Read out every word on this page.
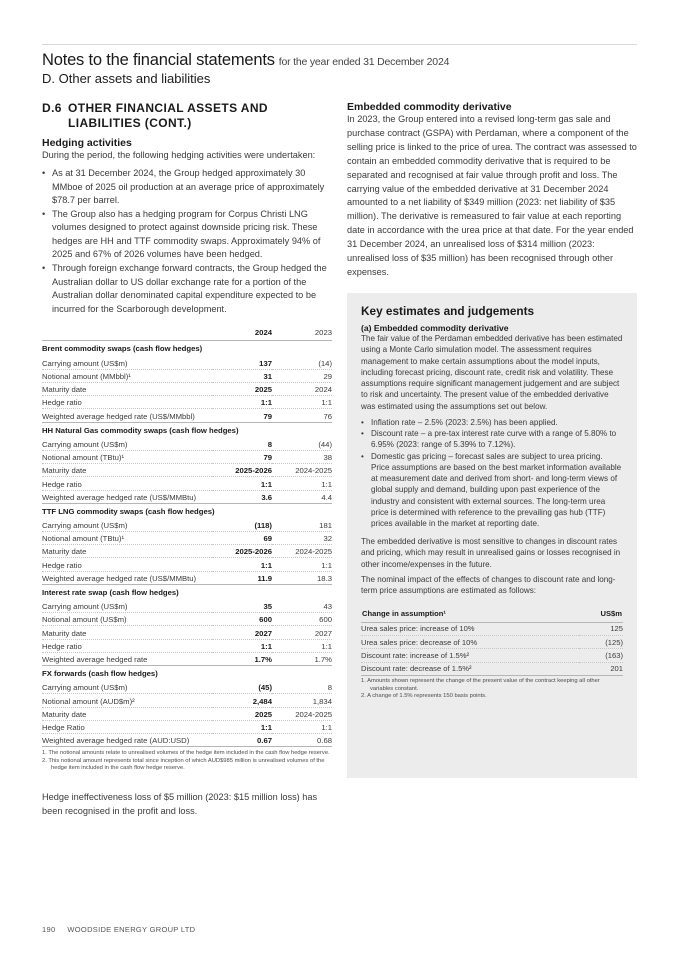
Notes to the financial statements for the year ended 31 December 2024
D. Other assets and liabilities
D.6 OTHER FINANCIAL ASSETS AND
LIABILITIES (CONT.)
Hedging activities

During the period, the following hedging activities were undertaken:

• As at 31 December 2024, the Group hedged approximately 30 MMboe of 2025 oil production at an average price of approximately $78.7 per barrel.
• The Group also has a hedging program for Corpus Christi LNG volumes designed to protect against downside pricing risk. These hedges are HH and TTF commodity swaps. Approximately 94% of 2025 and 67% of 2026 volumes have been hedged.
• Through foreign exchange forward contracts, the Group hedged the Australian dollar to US dollar exchange rate for a portion of the Australian dollar denominated capital expenditure expected to be incurred for the Scarborough development.
	2024	2023
Brent commodity swaps (cash flow hedges)		
Carrying amount (US$m)	137	(14)
Notional amount (MMbbl)¹	31	29
Maturity date	2025	2024
Hedge ratio	1:1	1:1
Weighted average hedged rate (US$/MMbbl)	79	76
HH Natural Gas commodity swaps (cash flow hedges)		
Carrying amount (US$m)	8	(44)
Notional amount (TBtu)¹	79	38
Maturity date	2025-2026	2024-2025
Hedge ratio	1:1	1:1
Weighted average hedged rate (US$/MMBtu)	3.6	4.4
TTF LNG commodity swaps (cash flow hedges)		
Carrying amount (US$m)	(118)	181
Notional amount (TBtu)¹	69	32
Maturity date	2025-2026	2024-2025
Hedge ratio	1:1	1:1
Weighted average hedged rate (US$/MMBtu)	11.9	18.3
Interest rate swap (cash flow hedges)		
Carrying amount (US$m)	35	43
Notional amount (US$m)	600	600
Maturity date	2027	2027
Hedge ratio	1:1	1:1
Weighted average hedged rate	1.7%	1.7%
FX forwards (cash flow hedges)		
Carrying amount (US$m)	(45)	8
Notional amount (AUD$m)²	2,484	1,834
Maturity date	2025	2024-2025
Hedge Ratio	1:1	1:1
Weighted average hedged rate (AUD:USD)	0.67	0.68
1. The notional amounts relate to unrealised volumes of the hedge item included in the cash flow hedge reserve.
2. This notional amount represents total since inception of which AUD$985 million is unrealised volumes of the hedge item included in the cash flow hedge reserve.

Hedge ineffectiveness loss of $5 million (2023: $15 million loss) has been recognised in the profit and loss.

Embedded commodity derivative

In 2023, the Group entered into a revised long-term gas sale and purchase contract (GSPA) with Perdaman, where a component of the selling price is linked to the price of urea. The contract was assessed to contain an embedded commodity derivative that is required to be separated and recognised at fair value through profit and loss. The carrying value of the embedded derivative at 31 December 2024 amounted to a net liability of $349 million (2023: net liability of $35 million). The derivative is remeasured to fair value at each reporting date in accordance with the urea price at that date. For the year ended 31 December 2024, an unrealised loss of $314 million (2023: unrealised loss of $35 million) has been recognised through other expenses.

Key estimates and judgements
(a) Embedded commodity derivative

The fair value of the Perdaman embedded derivative has been estimated using a Monte Carlo simulation model. The assessment requires management to make certain assumptions about the model inputs, including forecast pricing, discount rate, credit risk and volatility. These assumptions require significant management judgement and are subject to risk and uncertainty. The present value of the embedded derivative was estimated using the assumptions set out below.

• Inflation rate – 2.5% (2023: 2.5%) has been applied.
• Discount rate – a pre-tax interest rate curve with a range of 5.80% to 6.95% (2023: range of 5.39% to 7.12%).
• Domestic gas pricing – forecast sales are subject to urea pricing. Price assumptions are based on the best market information available at measurement date and derived from short- and long-term views of global supply and demand, building upon past experience of the industry and consistent with external sources. The long-term urea price is determined with reference to the prevailing gas hub (TTF) prices available in the market at reporting date.

The embedded derivative is most sensitive to changes in discount rates and pricing, which may result in unrealised gains or losses recognised in other income/expenses in the future.

The nominal impact of the effects of changes to discount rate and long-term price assumptions are estimated as follows:

Change in assumption¹	US$m
Urea sales price: increase of 10%	125
Urea sales price: decrease of 10%	(125)
Discount rate: increase of 1.5%²	(163)
Discount rate: decrease of 1.5%²	201
1. Amounts shown represent the change of the present value of the contract keeping all other variables constant.
2. A change of 1.5% represents 150 basis points.
190 WOODSIDE ENERGY GROUP LTD
